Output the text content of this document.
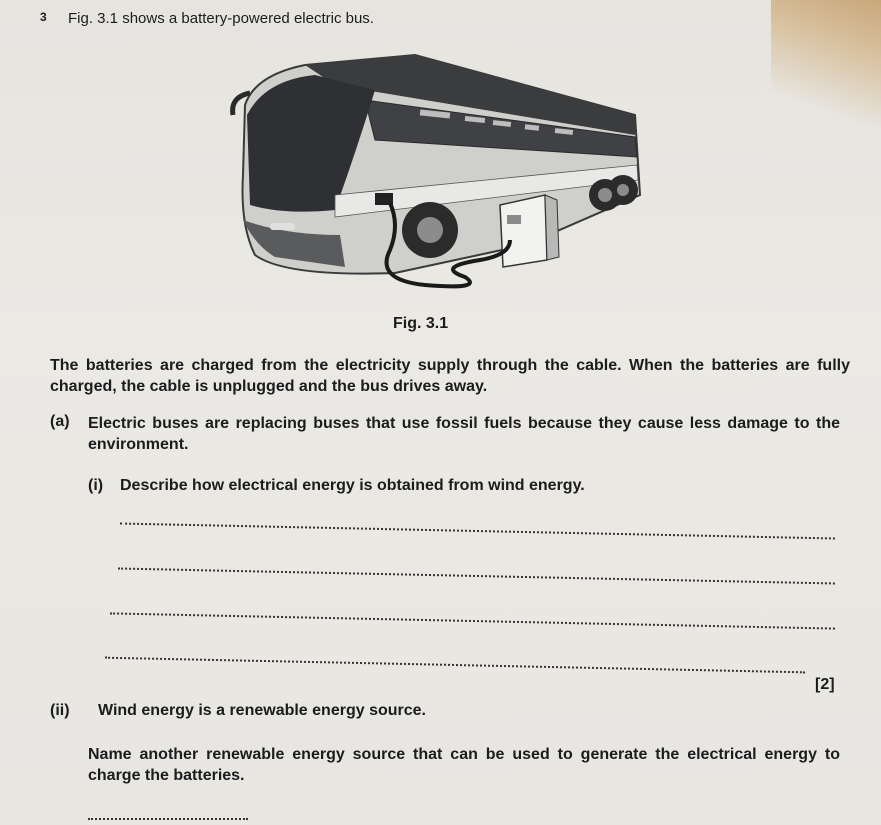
3 Fig. 3.1 shows a battery-powered electric bus.
Fig. 3.1
The batteries are charged from the electricity supply through the cable. When the batteries are fully charged, the cable is unplugged and the bus drives away.
(a) Electric buses are replacing buses that use fossil fuels because they cause less damage to the environment.
(i) Describe how electrical energy is obtained from wind energy.
[2]
(ii) Wind energy is a renewable energy source.
Name another renewable energy source that can be used to generate the electrical energy to charge the batteries.
